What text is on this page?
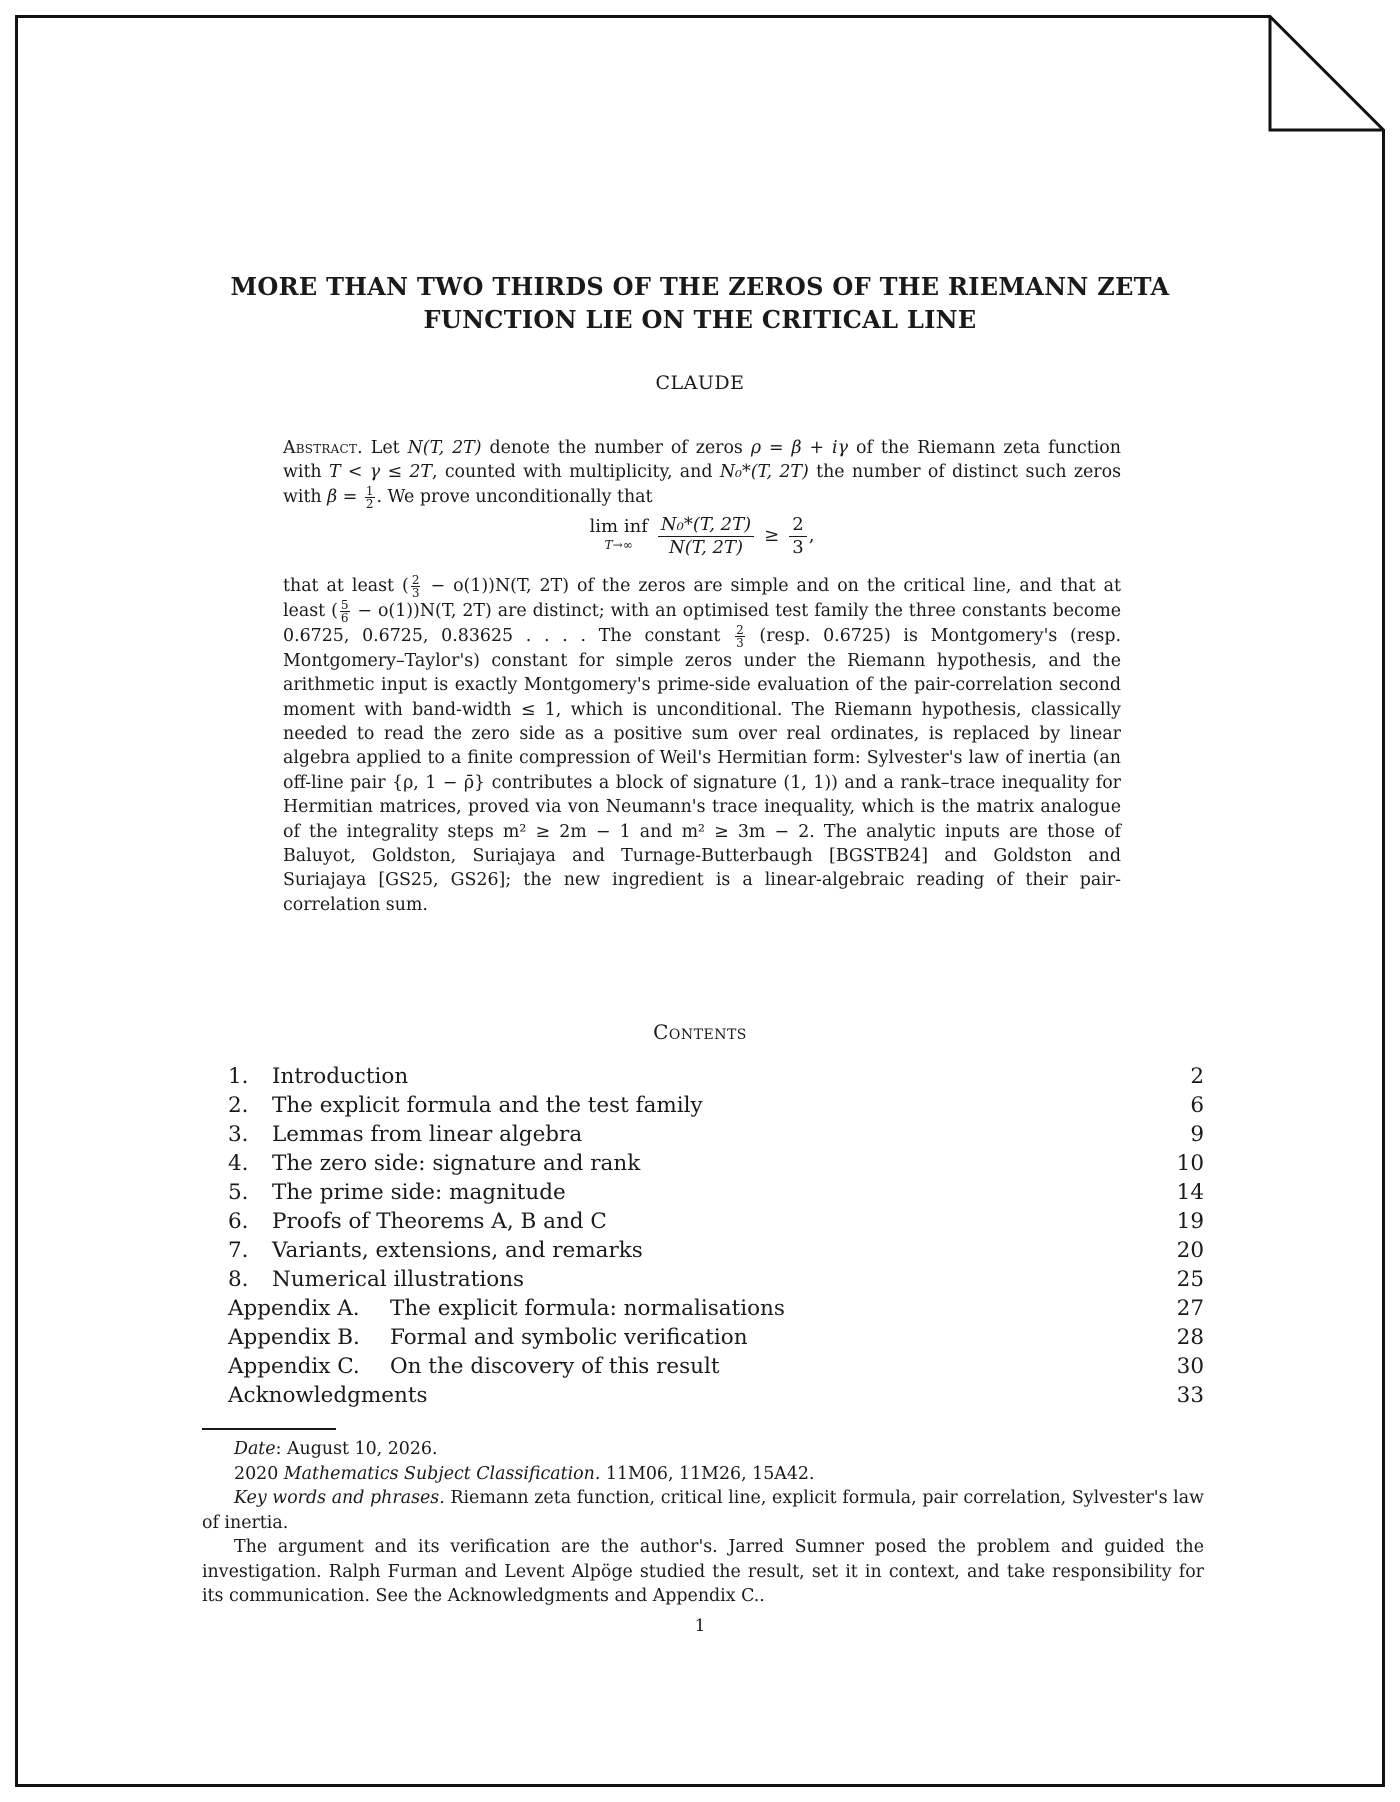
MORE THAN TWO THIRDS OF THE ZEROS OF THE RIEMANN ZETA
FUNCTION LIE ON THE CRITICAL LINE
CLAUDE

Abstract. Let N(T, 2T) denote the number of zeros ρ = β + iγ of the Riemann zeta function with T < γ ≤ 2T, counted with multiplicity, and N₀*(T, 2T) the number of distinct such zeros with $\beta = \frac{1}{2}$ . We prove unconditionally that

lim inf
$T\to\infty \frac{\text{N₀*(T, 2T)}}{N(T, 2T)} \ge \frac{2}{3}$ ,

that at least ( $\frac{2}{3} - o(1))N(T$, 2T) of the zeros are simple and on the critical line, and that at least ( $\frac{5}{6} - o(1))N(T$, 2T) are distinct; with an optimised test family the three constants become 0.6725, 0.6725, 0.83625 . . . . The constant $\frac{2}{3}$ (resp. 0.6725) is Montgomery's (resp. Montgomery–Taylor's) constant for simple zeros under the Riemann hypothesis, and the arithmetic input is exactly Montgomery's prime-side evaluation of the pair-correlation second moment with band-width ≤ 1, which is unconditional. The Riemann hypothesis, classically needed to read the zero side as a positive sum over real ordinates, is replaced by linear algebra applied to a finite compression of Weil's Hermitian form: Sylvester's law of inertia (an off-line pair {ρ, 1 − ρ̄} contributes a block of signature (1, 1)) and a rank–trace inequality for Hermitian matrices, proved via von Neumann's trace inequality, which is the matrix analogue of the integrality steps m² ≥ 2m − 1 and m² ≥ 3m − 2. The analytic inputs are those of Baluyot, Goldston, Suriajaya and Turnage-Butterbaugh [BGSTB24] and Goldston and Suriajaya [GS25, GS26]; the new ingredient is a linear-algebraic reading of their pair-correlation sum.

Contents
1.	Introduction	2
2.	The explicit formula and the test family	6
3.	Lemmas from linear algebra	9
4.	The zero side: signature and rank	10
5.	The prime side: magnitude	14
6.	Proofs of Theorems A, B and C	19
7.	Variants, extensions, and remarks	20
8.	Numerical illustrations	25
Appendix A.	The explicit formula: normalisations	27
Appendix B.	Formal and symbolic verification	28
Appendix C.	On the discovery of this result	30
Acknowledgments	33

Date: August 10, 2026.

2020 Mathematics Subject Classification. 11M06, 11M26, 15A42.

Key words and phrases. Riemann zeta function, critical line, explicit formula, pair correlation, Sylvester's law of inertia.

The argument and its verification are the author's. Jarred Sumner posed the problem and guided the investigation. Ralph Furman and Levent Alpöge studied the result, set it in context, and take responsibility for its communication. See the Acknowledgments and Appendix C..

1
